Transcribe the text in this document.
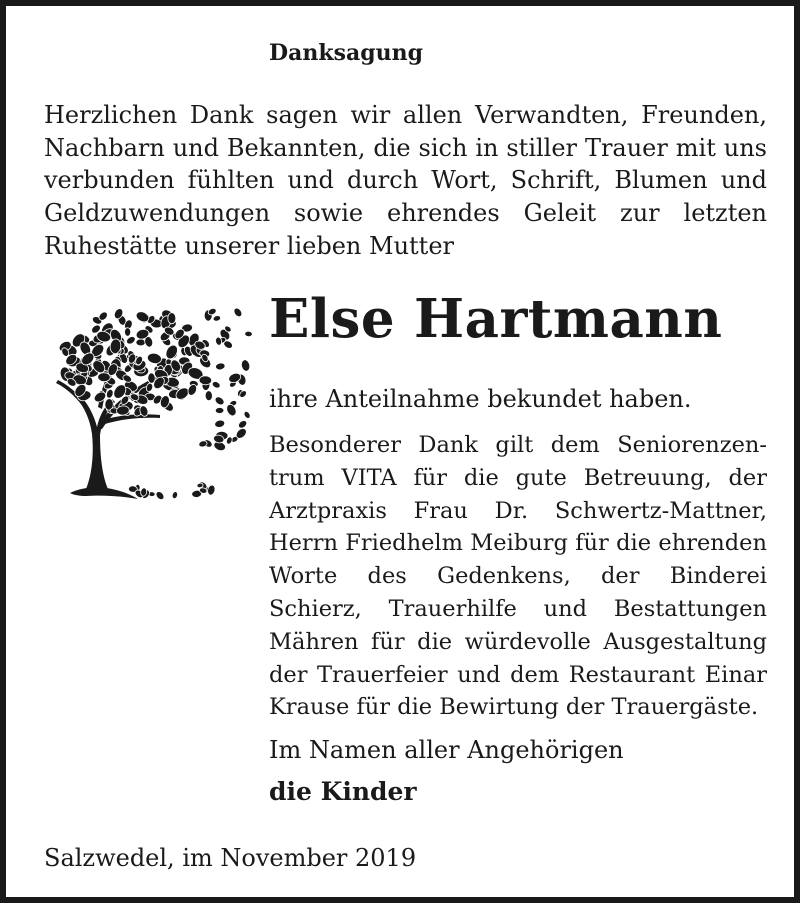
Danksagung
Herzlichen Dank sagen wir allen Verwandten, Freunden,
Nachbarn und Bekannten, die sich in stiller Trauer mit uns
verbunden fühlten und durch Wort, Schrift, Blumen und
Geldzuwendungen sowie ehrendes Geleit zur letzten
Ruhestätte unserer lieben Mutter
Else Hartmann
ihre Anteilnahme bekundet haben.
Besonderer Dank gilt dem Seniorenzen-
trum VITA für die gute Betreuung, der
Arztpraxis Frau Dr. Schwertz-Mattner,
Herrn Friedhelm Meiburg für die ehrenden
Worte des Gedenkens, der Binderei
Schierz, Trauerhilfe und Bestattungen
Mähren für die würdevolle Ausgestaltung
der Trauerfeier und dem Restaurant Einar
Krause für die Bewirtung der Trauergäste.
Im Namen aller Angehörigen
die Kinder
Salzwedel, im November 2019
